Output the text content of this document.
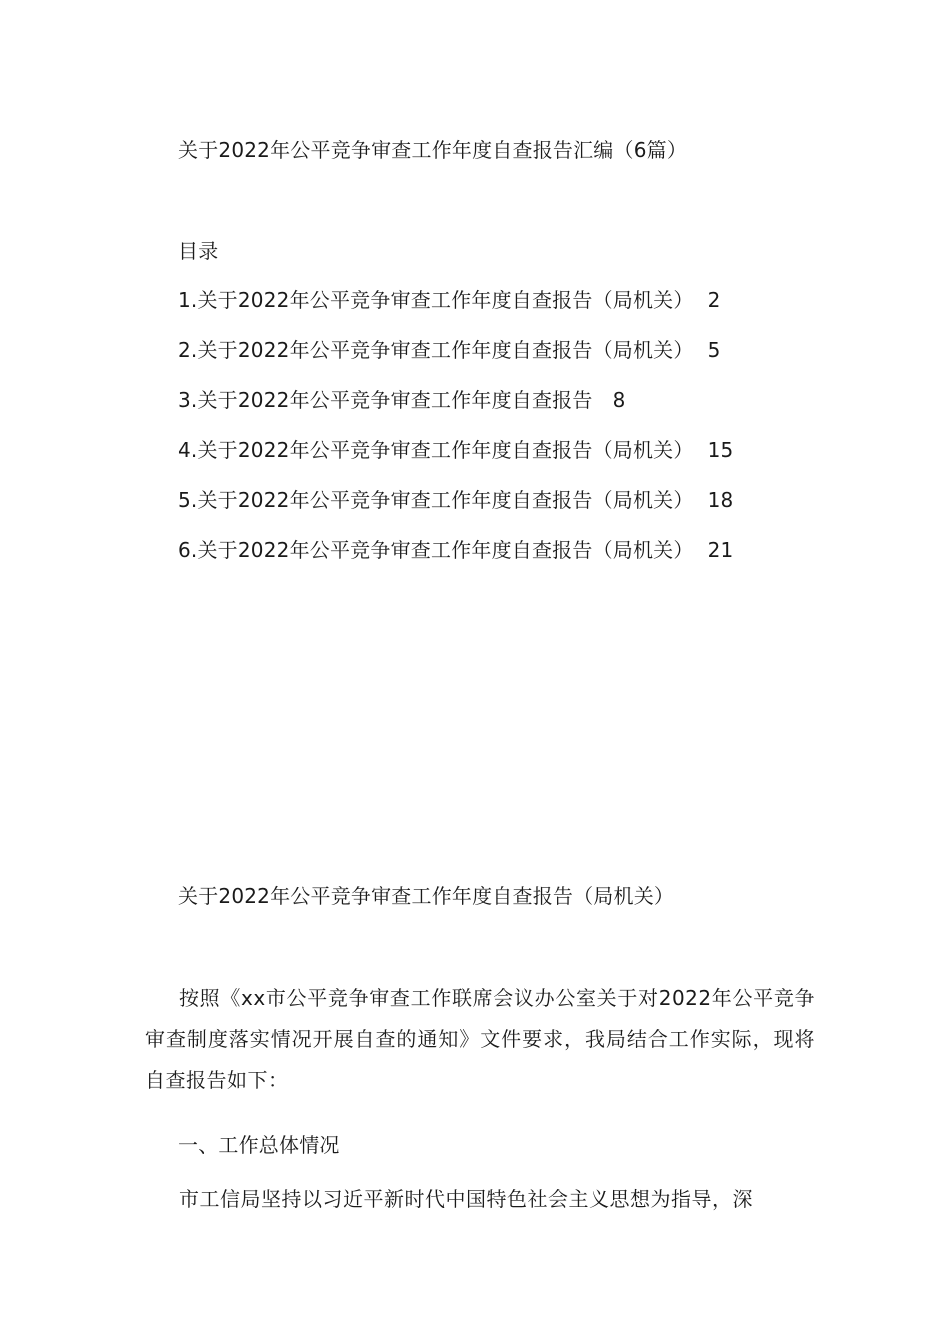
关于2022年公平竞争审查工作年度自查报告汇编（6篇）
目录
1.关于2022年公平竞争审查工作年度自查报告（局机关） 2
2.关于2022年公平竞争审查工作年度自查报告（局机关） 5
3.关于2022年公平竞争审查工作年度自查报告 8
4.关于2022年公平竞争审查工作年度自查报告（局机关） 15
5.关于2022年公平竞争审查工作年度自查报告（局机关） 18
6.关于2022年公平竞争审查工作年度自查报告（局机关） 21
关于2022年公平竞争审查工作年度自查报告（局机关）
按照《xx市公平竞争审查工作联席会议办公室关于对2022年公平竞争审查制度落实情况开展自查的通知》文件要求，我局结合工作实际，现将自查报告如下：
一、工作总体情况
市工信局坚持以习近平新时代中国特色社会主义思想为指导，深
